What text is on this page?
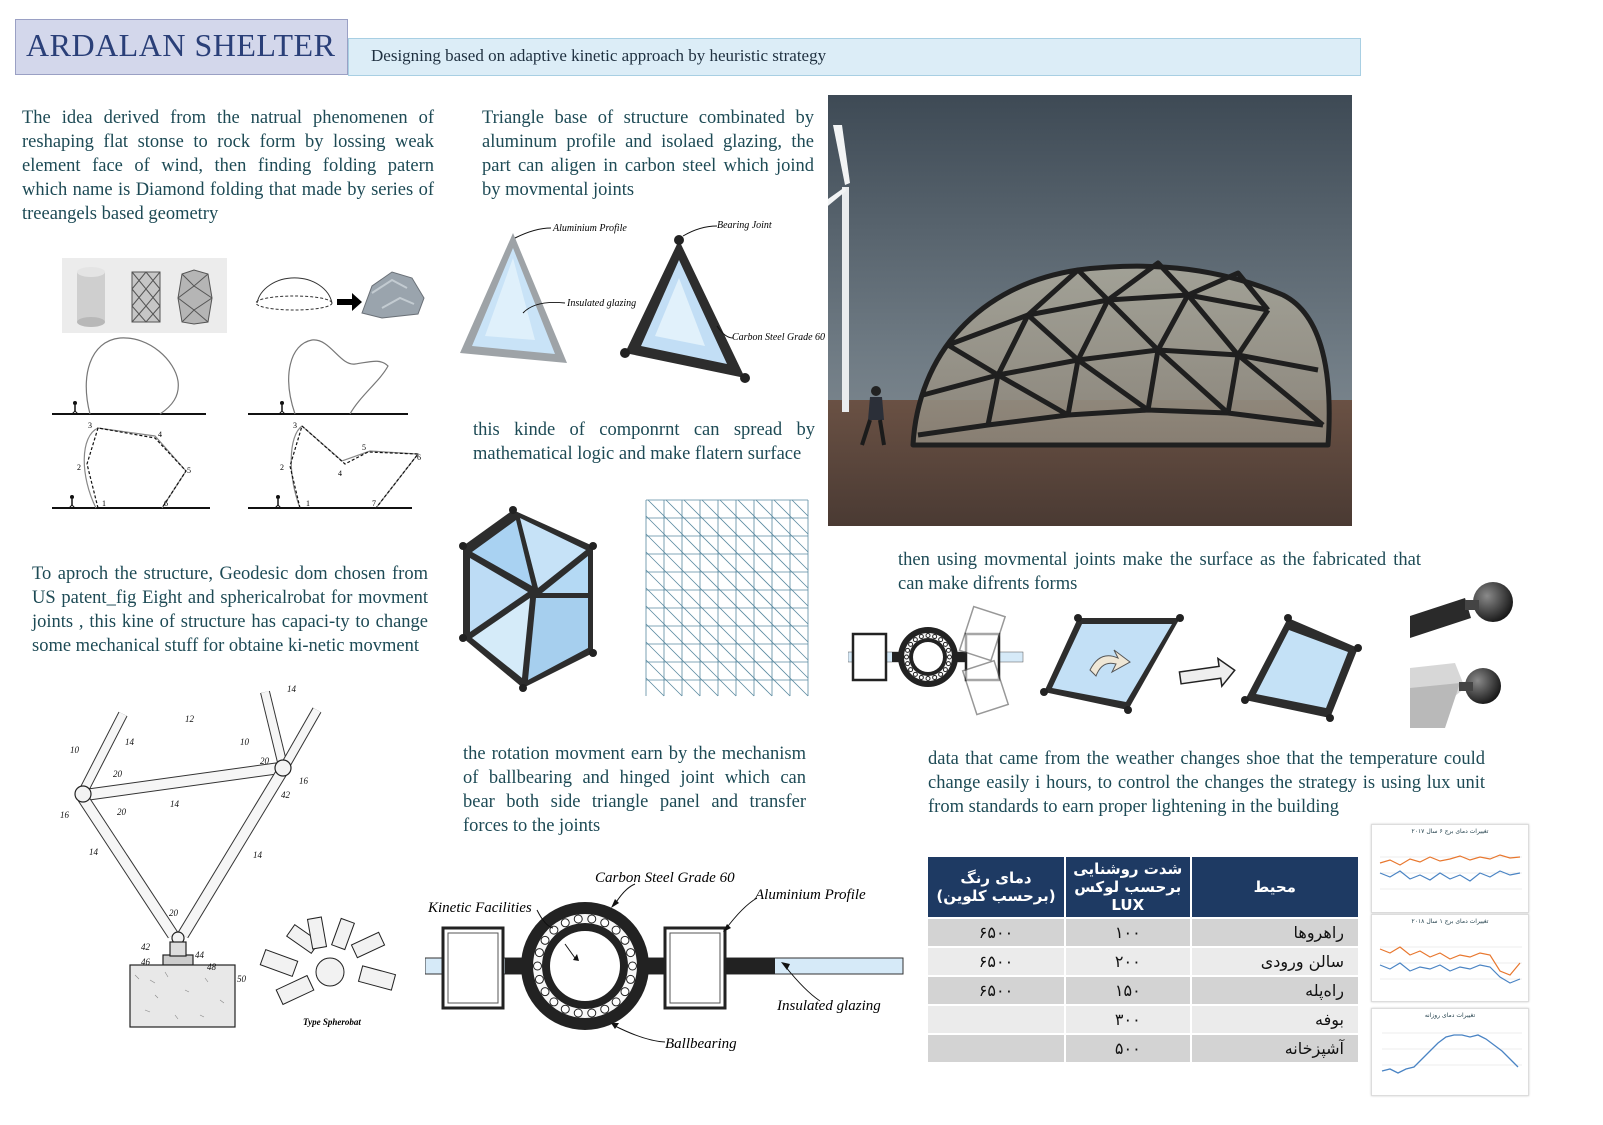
ARDALAN SHELTER Designing based on adaptive kinetic approach by heuristic strategy
The idea derived from the natrual phenomenen of reshaping flat stonse to rock form by lossing weak element face of wind, then finding folding patern which name is Diamond folding that made by series of treeangels based geometry
Triangle base of structure combinated by aluminum profile and isolaed glazing, the part can aligen in carbon steel which joind by movmental joints
this kinde of componrnt can spread by mathematical logic and make flatern surface
To aproch the structure, Geodesic dom chosen from US patent_fig Eight and sphericalrobat for movment joints , this kine of structure has capaci-ty to change some mechanical stuff for obtaine ki-netic movment
the rotation movment earn by the mechanism of ballbearing and hinged joint which can bear both side triangle panel and transfer forces to the joints
then using movmental joints make the surface as the fabricated that can make difrents forms
data that came from the weather changes shoe that the temperature could change easily i hours, to control the changes the strategy is using lux unit from standards to earn proper lightening in the building
1
2
3
4
5
6	1
2
3
4
5
6
7
Aluminium Profile
Insulated glazing
Bearing Joint
Carbon Steel Grade 60
10
12
14
14
14	14
14
10
16
16
20
20
20
20
42
42
44
46	48
50
Type Spherobat
Kinetic Facilities
Carbon Steel Grade 60
Aluminium Profile
Insulated glazing
Ballbearing
محیط	شدت روشنایی برحسب لوکس LUX	دمای رنگ (برحسب کلوین)
راهروها	۱۰۰	۶۵۰۰
سالن ورودی	۲۰۰	۶۵۰۰
راه‌پله	۱۵۰	۶۵۰۰
بوفه	۳۰۰	
آشپزخانه	۵۰۰	
تغییرات دمای برج ۶ سال ۲۰۱۷
تغییرات دمای برج ۱ سال ۲۰۱۸
تغییرات دمای روزانه
